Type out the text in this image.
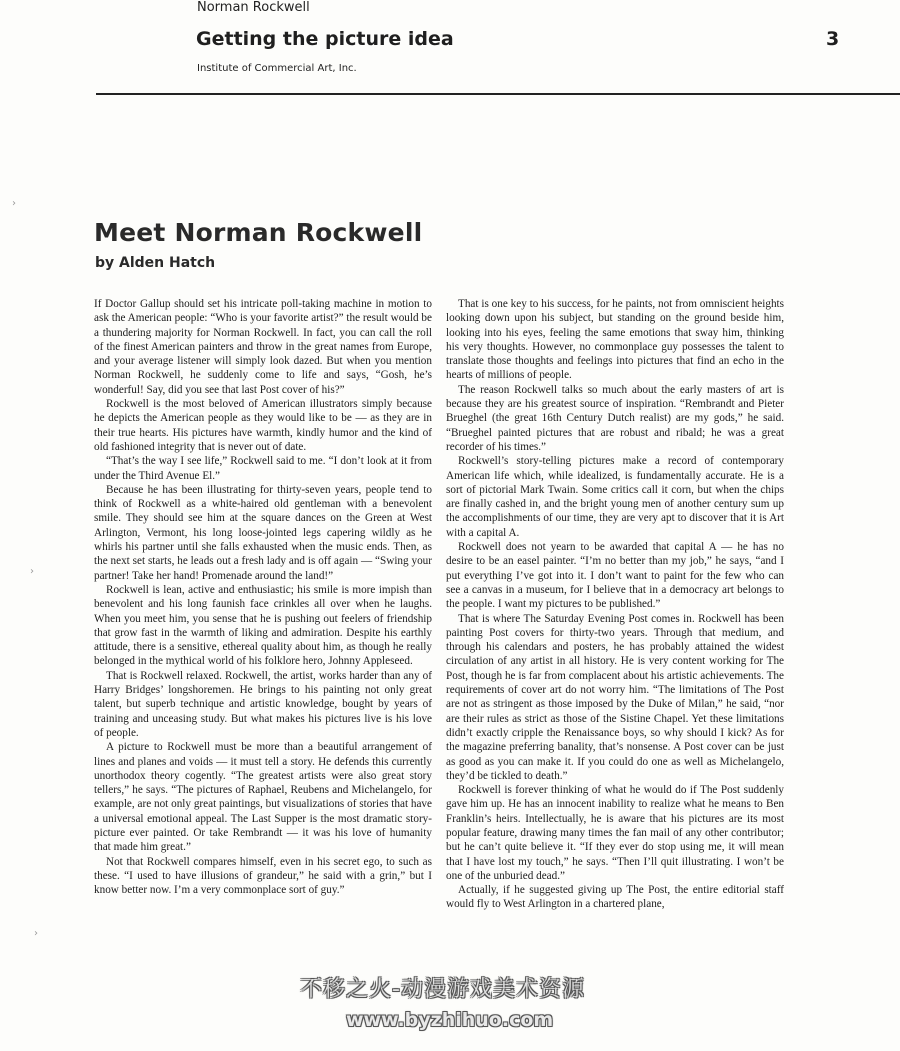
Norman Rockwell
Getting the picture idea
Institute of Commercial Art, Inc.
3
Meet Norman Rockwell
by Alden Hatch

If Doctor Gallup should set his intricate poll-taking machine in motion to ask the American people: “Who is your favorite artist?” the result would be a thundering majority for Norman Rockwell. In fact, you can call the roll of the finest American painters and throw in the great names from Europe, and your average listener will simply look dazed. But when you mention Norman Rockwell, he suddenly come to life and says, “Gosh, he’s wonderful! Say, did you see that last Post cover of his?”

Rockwell is the most beloved of American illustrators simply because he depicts the American people as they would like to be — as they are in their true hearts. His pictures have warmth, kindly humor and the kind of old fashioned integrity that is never out of date.

“That’s the way I see life,” Rockwell said to me. “I don’t look at it from under the Third Avenue El.”

Because he has been illustrating for thirty-seven years, people tend to think of Rockwell as a white-haired old gentleman with a benevolent smile. They should see him at the square dances on the Green at West Arlington, Vermont, his long loose-jointed legs capering wildly as he whirls his partner until she falls exhausted when the music ends. Then, as the next set starts, he leads out a fresh lady and is off again — “Swing your partner! Take her hand! Promenade around the land!”

Rockwell is lean, active and enthusiastic; his smile is more impish than benevolent and his long faunish face crinkles all over when he laughs. When you meet him, you sense that he is pushing out feelers of friendship that grow fast in the warmth of liking and admiration. Despite his earthly attitude, there is a sensitive, ethereal quality about him, as though he really belonged in the mythical world of his folklore hero, Johnny Appleseed.

That is Rockwell relaxed. Rockwell, the artist, works harder than any of Harry Bridges’ longshoremen. He brings to his painting not only great talent, but superb technique and artistic knowledge, bought by years of training and unceasing study. But what makes his pictures live is his love of people.

A picture to Rockwell must be more than a beautiful arrangement of lines and planes and voids — it must tell a story. He defends this currently unorthodox theory cogently. “The greatest artists were also great story tellers,” he says. “The pictures of Raphael, Reubens and Michelangelo, for example, are not only great paintings, but visualizations of stories that have a universal emotional appeal. The Last Supper is the most dramatic story-picture ever painted. Or take Rembrandt — it was his love of humanity that made him great.”

Not that Rockwell compares himself, even in his secret ego, to such as these. “I used to have illusions of grandeur,” he said with a grin,” but I know better now. I’m a very commonplace sort of guy.”

That is one key to his success, for he paints, not from omniscient heights looking down upon his subject, but standing on the ground beside him, looking into his eyes, feeling the same emotions that sway him, thinking his very thoughts. However, no commonplace guy possesses the talent to translate those thoughts and feelings into pictures that find an echo in the hearts of millions of people.

The reason Rockwell talks so much about the early masters of art is because they are his greatest source of inspiration. “Rembrandt and Pieter Brueghel (the great 16th Century Dutch realist) are my gods,” he said. “Brueghel painted pictures that are robust and ribald; he was a great recorder of his times.”

Rockwell’s story-telling pictures make a record of contemporary American life which, while idealized, is fundamentally accurate. He is a sort of pictorial Mark Twain. Some critics call it corn, but when the chips are finally cashed in, and the bright young men of another century sum up the accomplishments of our time, they are very apt to discover that it is Art with a capital A.

Rockwell does not yearn to be awarded that capital A — he has no desire to be an easel painter. “I’m no better than my job,” he says, “and I put everything I’ve got into it. I don’t want to paint for the few who can see a canvas in a museum, for I believe that in a democracy art belongs to the people. I want my pictures to be published.”

That is where The Saturday Evening Post comes in. Rockwell has been painting Post covers for thirty-two years. Through that medium, and through his calendars and posters, he has probably attained the widest circulation of any artist in all history. He is very content working for The Post, though he is far from complacent about his artistic achievements. The requirements of cover art do not worry him. “The limitations of The Post are not as stringent as those imposed by the Duke of Milan,” he said, “nor are their rules as strict as those of the Sistine Chapel. Yet these limitations didn’t exactly cripple the Renaissance boys, so why should I kick? As for the magazine preferring banality, that’s nonsense. A Post cover can be just as good as you can make it. If you could do one as well as Michelangelo, they’d be tickled to death.”

Rockwell is forever thinking of what he would do if The Post suddenly gave him up. He has an innocent inability to realize what he means to Ben Franklin’s heirs. Intellectually, he is aware that his pictures are its most popular feature, drawing many times the fan mail of any other contributor; but he can’t quite believe it. “If they ever do stop using me, it will mean that I have lost my touch,” he says. “Then I’ll quit illustrating. I won’t be one of the unburied dead.”

Actually, if he suggested giving up The Post, the entire editorial staff would fly to West Arlington in a chartered plane,

›
›
›
不移之火-动漫游戏美术资源
www.byzhihuo.com
